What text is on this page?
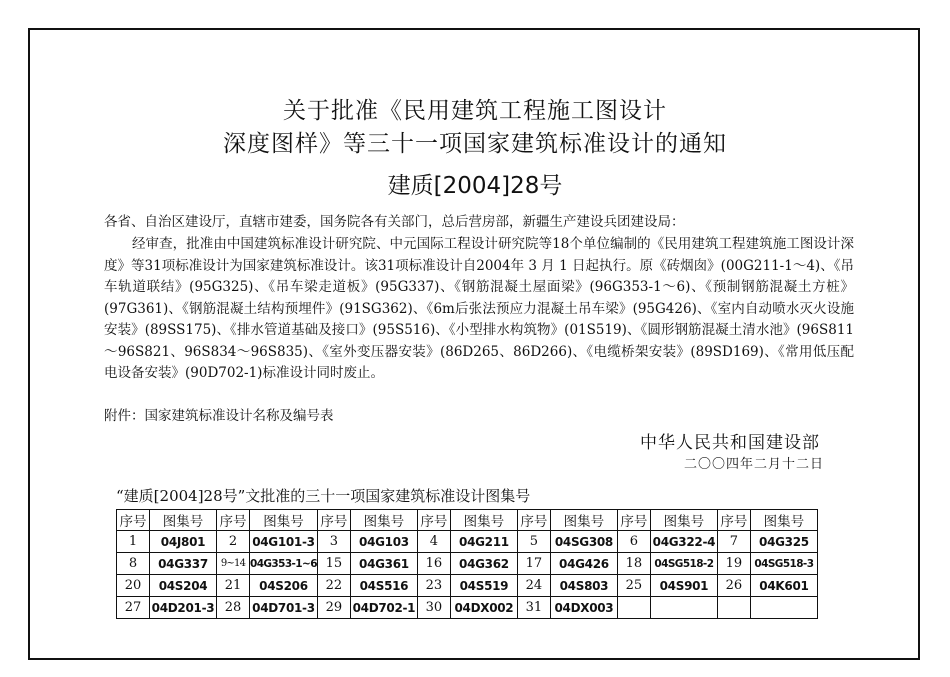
关于批准《民用建筑工程施工图设计
深度图样》等三十一项国家建筑标准设计的通知
建质[2004]28号
各省、自治区建设厅，直辖市建委，国务院各有关部门，总后营房部，新疆生产建设兵团建设局：
经审查，批准由中国建筑标准设计研究院、中元国际工程设计研究院等18个单位编制的《民用建筑工程建筑施工图设计深度》等31项标准设计为国家建筑标准设计。该31项标准设计自2004年 3 月 1 日起执行。原《砖烟囱》(00G211-1～4)、《吊车轨道联结》(95G325)、《吊车梁走道板》(95G337)、《钢筋混凝土屋面梁》(96G353-1～6)、《预制钢筋混凝土方桩》(97G361)、《钢筋混凝土结构预埋件》(91SG362)、《6m后张法预应力混凝土吊车梁》(95G426)、《室内自动喷水灭火设施安装》(89SS175)、《排水管道基础及接口》(95S516)、《小型排水构筑物》(01S519)、《圆形钢筋混凝土清水池》(96S811～96S821、96S834～96S835)、《室外变压器安装》(86D265、86D266)、《电缆桥架安装》(89SD169)、《常用低压配电设备安装》(90D702-1)标准设计同时废止。
附件：国家建筑标准设计名称及编号表
中华人民共和国建设部
二〇〇四年二月十二日
“建质[2004]28号”文批准的三十一项国家建筑标准设计图集号
序号	图集号	序号	图集号	序号	图集号	序号	图集号	序号	图集号	序号	图集号	序号	图集号
1	04J801	2	04G101-3	3	04G103	4	04G211	5	04SG308	6	04G322-4	7	04G325
8	04G337	9~14	04G353-1~6	15	04G361	16	04G362	17	04G426	18	04SG518-2	19	04SG518-3
20	04S204	21	04S206	22	04S516	23	04S519	24	04S803	25	04S901	26	04K601
27	04D201-3	28	04D701-3	29	04D702-1	30	04DX002	31	04DX003				
